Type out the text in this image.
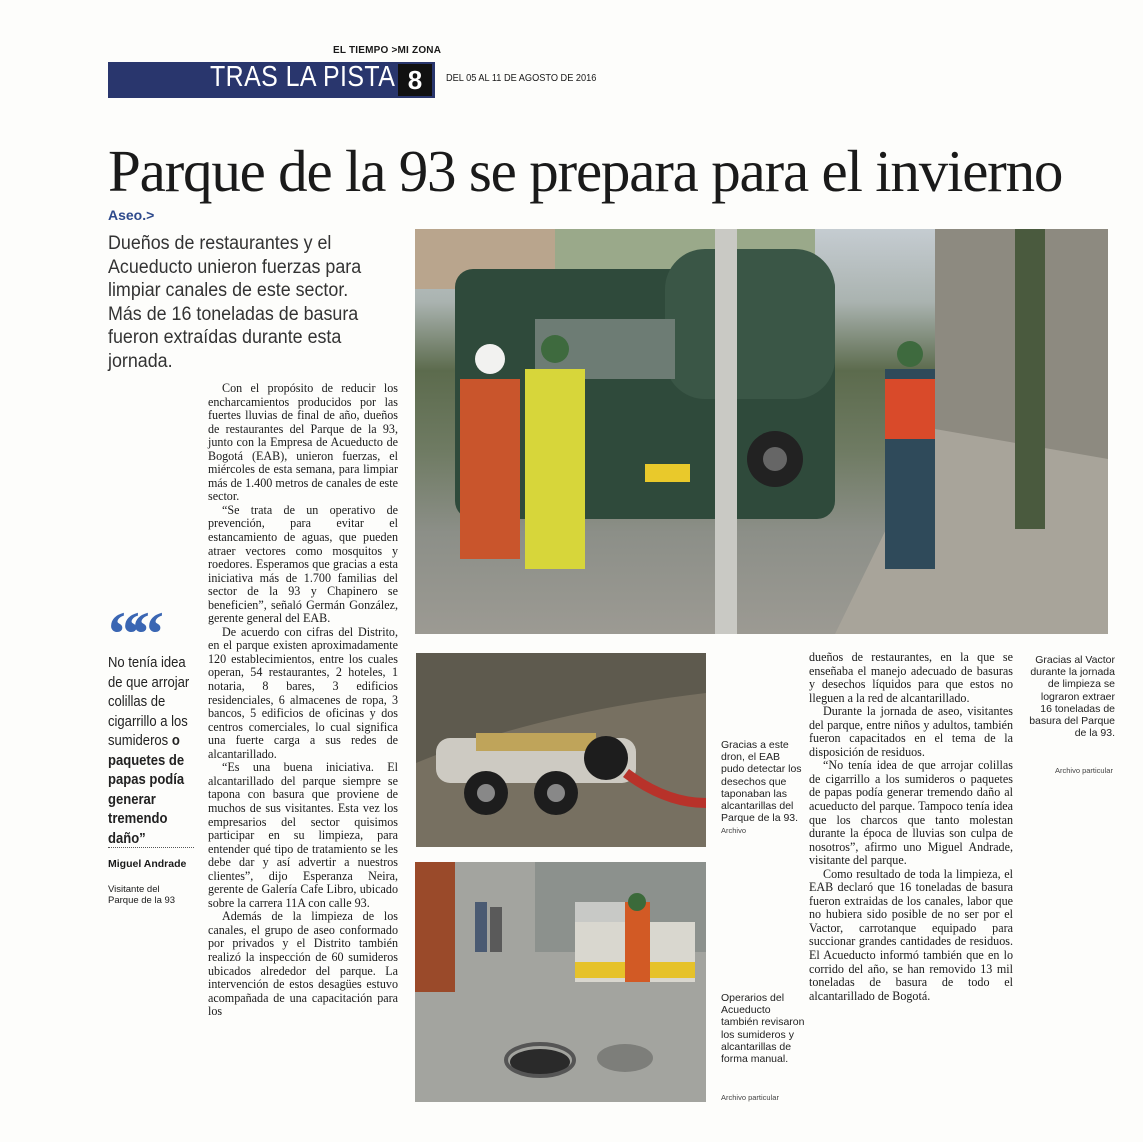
EL TIEMPO >MI ZONA
TRAS LA PISTA 8	DEL 05 AL 11 DE AGOSTO DE 2016
Parque de la 93 se prepara para el invierno
Aseo.>
Dueños de restaurantes y el Acueducto unieron fuerzas para limpiar canales de este sector. Más de 16 toneladas de basura fueron extraídas durante esta jornada.

Con el propósito de reducir los encharcamientos producidos por las fuertes lluvias de final de año, dueños de restaurantes del Parque de la 93, junto con la Empresa de Acueducto de Bogotá (EAB), unieron fuerzas, el miércoles de esta semana, para limpiar más de 1.400 metros de canales de este sector.

“Se trata de un operativo de prevención, para evitar el estancamiento de aguas, que pueden atraer vectores como mosquitos y roedores. Esperamos que gracias a esta iniciativa más de 1.700 familias del sector de la 93 y Chapinero se beneficien”, señaló Germán González, gerente general del EAB.

De acuerdo con cifras del Distrito, en el parque existen aproximadamente 120 establecimientos, entre los cuales operan, 54 restaurantes, 2 hoteles, 1 notaria, 8 bares, 3 edificios residenciales, 6 almacenes de ropa, 3 bancos, 5 edificios de oficinas y dos centros comerciales, lo cual significa una fuerte carga a sus redes de alcantarillado.

“Es una buena iniciativa. El alcantarillado del parque siempre se tapona con basura que proviene de muchos de sus visitantes. Esta vez los empresarios del sector quisimos participar en su limpieza, para entender qué tipo de tratamiento se les debe dar y así advertir a nuestros clientes”, dijo Esperanza Neira, gerente de Galería Cafe Libro, ubicado sobre la carrera 11A con calle 93.

Además de la limpieza de los canales, el grupo de aseo conformado por privados y el Distrito también realizó la inspección de 60 sumideros ubicados alrededor del parque. La intervención de estos desagües estuvo acompañada de una capacitación para los

““
No tenía idea de que arrojar colillas de cigarrillo a los sumideros o paquetes de papas podía generar tremendo daño”
Miguel Andrade
Visitante del Parque de la 93

dueños de restaurantes, en la que se enseñaba el manejo adecuado de basuras y desechos líquidos para que estos no lleguen a la red de alcantarillado.

Durante la jornada de aseo, visitantes del parque, entre niños y adultos, también fueron capacitados en el tema de la disposición de residuos.

“No tenía idea de que arrojar colillas de cigarrillo a los sumideros o paquetes de papas podía generar tremendo daño al acueducto del parque. Tampoco tenía idea que los charcos que tanto molestan durante la época de lluvias son culpa de nosotros”, afirmo uno Miguel Andrade, visitante del parque.

Como resultado de toda la limpieza, el EAB declaró que 16 toneladas de basura fueron extraidas de los canales, labor que no hubiera sido posible de no ser por el Vactor, carrotanque equipado para succionar grandes cantidades de residuos. El Acueducto informó también que en lo corrido del año, se han removido 13 mil toneladas de basura de todo el alcantarillado de Bogotá.

Gracias a este dron, el EAB pudo detectar los desechos que taponaban las alcantarillas del Parque de la 93. Archivo
Operarios del Acueducto también revisaron los sumideros y alcantarillas de forma manual.
Archivo particular
Gracias al Vactor durante la jornada de limpieza se lograron extraer 16 toneladas de basura del Parque de la 93.
Archivo particular
